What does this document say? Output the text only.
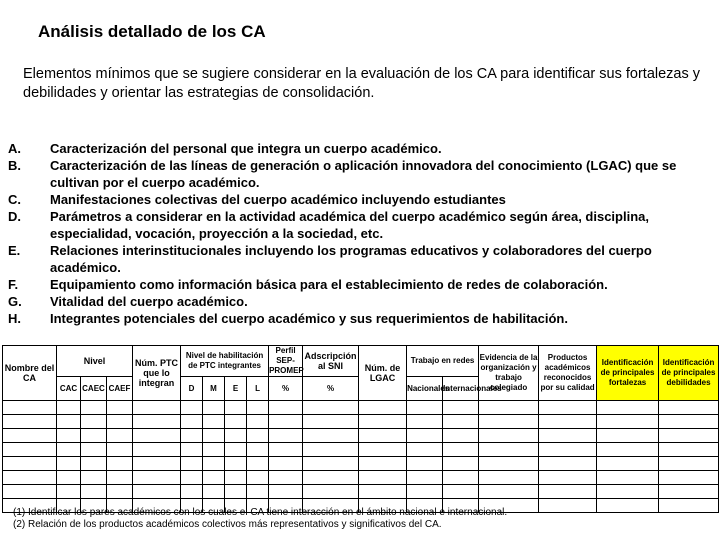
Análisis detallado de los CA
Elementos mínimos que se sugiere considerar en la evaluación de los CA para identificar sus fortalezas y debilidades y orientar las estrategias de consolidación.
A.	Caracterización del personal que integra un cuerpo académico.
B.	Caracterización de las líneas de generación o aplicación innovadora del conocimiento (LGAC) que se cultivan por el cuerpo académico.
C.	Manifestaciones colectivas del cuerpo académico incluyendo estudiantes
D.	Parámetros a considerar en la actividad académica del cuerpo académico según área, disciplina, especialidad, vocación, proyección a la sociedad, etc.
E.	Relaciones interinstitucionales incluyendo los programas educativos y colaboradores del cuerpo académico.
F.	Equipamiento como información básica para el establecimiento de redes de colaboración.
G.	Vitalidad del cuerpo académico.
H.	Integrantes potenciales del cuerpo académico y sus requerimientos de habilitación.
Nombre del CA	Nivel			Núm. PTC que lo integran	Nivel de habilitación de PTC integrantes				Perfil SEP-PROMEP	Adscripción al SNI	Núm. de LGAC	Trabajo en redes		Evidencia de la organización y trabajo colegiado	Productos académicos reconocidos por su calidad	Identificación de principales fortalezas	Identificación de principales debilidades
	CAC	CAEC	CAEF		D	M	E	L	%	%		Nacionales	Internacionales				

(1) Identificar los pares académicos con los cuales el CA tiene interacción en el ámbito nacional e internacional.
(2) Relación de los productos académicos colectivos más representativos y significativos del CA.
